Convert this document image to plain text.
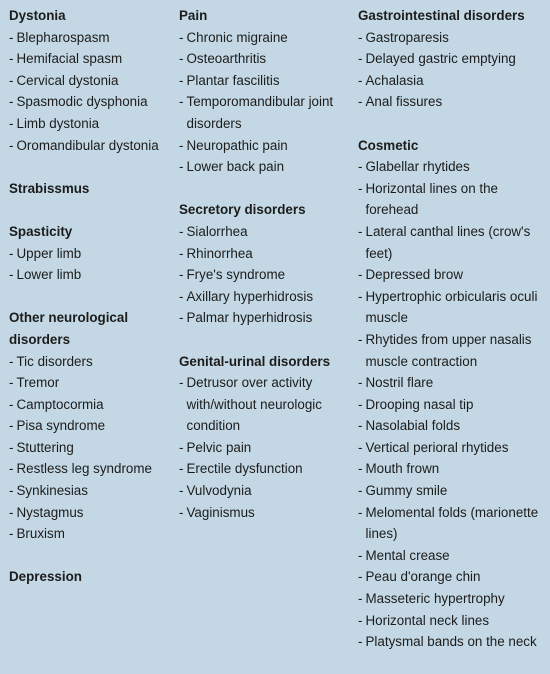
Dystonia
- Blepharospasm
- Hemifacial spasm
- Cervical dystonia
- Spasmodic dysphonia
- Limb dystonia
- Oromandibular dystonia
Strabissmus
Spasticity
- Upper limb
- Lower limb
Other neurological disorders
- Tic disorders
- Tremor
- Camptocormia
- Pisa syndrome
- Stuttering
- Restless leg syndrome
- Synkinesias
- Nystagmus
- Bruxism
Depression
Pain
- Chronic migraine
- Osteoarthritis
- Plantar fascilitis
- Temporomandibular joint disorders
- Neuropathic pain
- Lower back pain
Secretory disorders
- Sialorrhea
- Rhinorrhea
- Frye's syndrome
- Axillary hyperhidrosis
- Palmar hyperhidrosis
Genital-urinal disorders
- Detrusor over activity with/without neurologic condition
- Pelvic pain
- Erectile dysfunction
- Vulvodynia
- Vaginismus
Gastrointestinal disorders
- Gastroparesis
- Delayed gastric emptying
- Achalasia
- Anal fissures
Cosmetic
- Glabellar rhytides
- Horizontal lines on the forehead
- Lateral canthal lines (crow's feet)
- Depressed brow
- Hypertrophic orbicularis oculi muscle
- Rhytides from upper nasalis muscle contraction
- Nostril flare
- Drooping nasal tip
- Nasolabial folds
- Vertical perioral rhytides
- Mouth frown
- Gummy smile
- Melomental folds (marionette lines)
- Mental crease
- Peau d'orange chin
- Masseteric hypertrophy
- Horizontal neck lines
- Platysmal bands on the neck
